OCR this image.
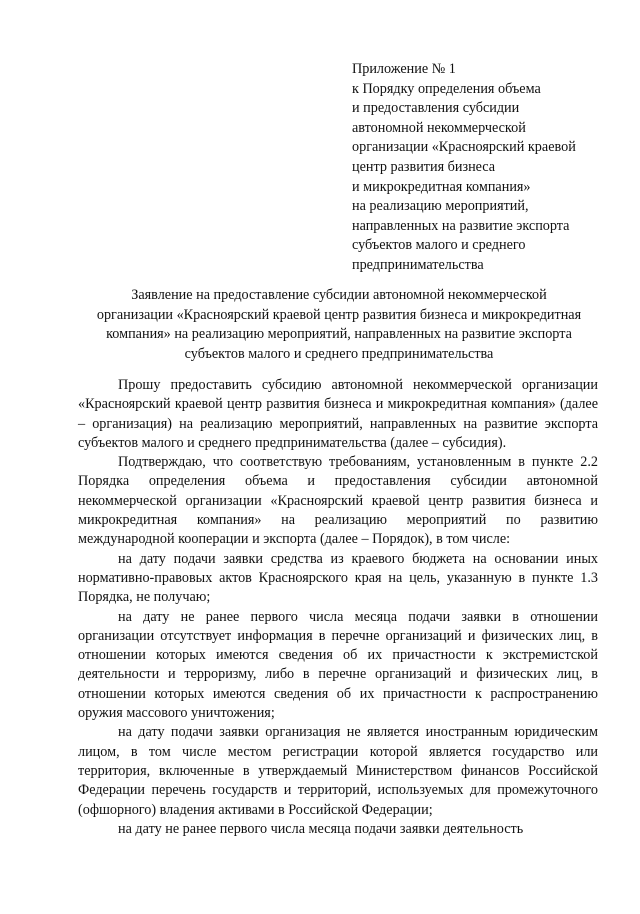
Приложение № 1
к Порядку определения объема
и предоставления субсидии
автономной некоммерческой
организации «Красноярский краевой
центр развития бизнеса
и микрокредитная компания»
на реализацию мероприятий,
направленных на развитие экспорта
субъектов малого и среднего
предпринимательства
Заявление на предоставление субсидии автономной некоммерческой
организации «Красноярский краевой центр развития бизнеса и микрокредитная
компания» на реализацию мероприятий, направленных на развитие экспорта
субъектов малого и среднего предпринимательства

Прошу предоставить субсидию автономной некоммерческой организации «Красноярский краевой центр развития бизнеса и микрокредитная компания» (далее – организация) на реализацию мероприятий, направленных на развитие экспорта субъектов малого и среднего предпринимательства (далее – субсидия).

Подтверждаю, что соответствую требованиям, установленным в пункте 2.2 Порядка определения объема и предоставления субсидии автономной некоммерческой организации «Красноярский краевой центр развития бизнеса и микрокредитная компания» на реализацию мероприятий по развитию международной кооперации и экспорта (далее – Порядок), в том числе:

на дату подачи заявки средства из краевого бюджета на основании иных нормативно-правовых актов Красноярского края на цель, указанную в пункте 1.3 Порядка, не получаю;

на дату не ранее первого числа месяца подачи заявки в отношении организации отсутствует информация в перечне организаций и физических лиц, в отношении которых имеются сведения об их причастности к экстремистской деятельности и терроризму, либо в перечне организаций и физических лиц, в отношении которых имеются сведения об их причастности к распространению оружия массового уничтожения;

на дату подачи заявки организация не является иностранным юридическим лицом, в том числе местом регистрации которой является государство или территория, включенные в утверждаемый Министерством финансов Российской Федерации перечень государств и территорий, используемых для промежуточного (офшорного) владения активами в Российской Федерации;

на дату не ранее первого числа месяца подачи заявки деятельность
